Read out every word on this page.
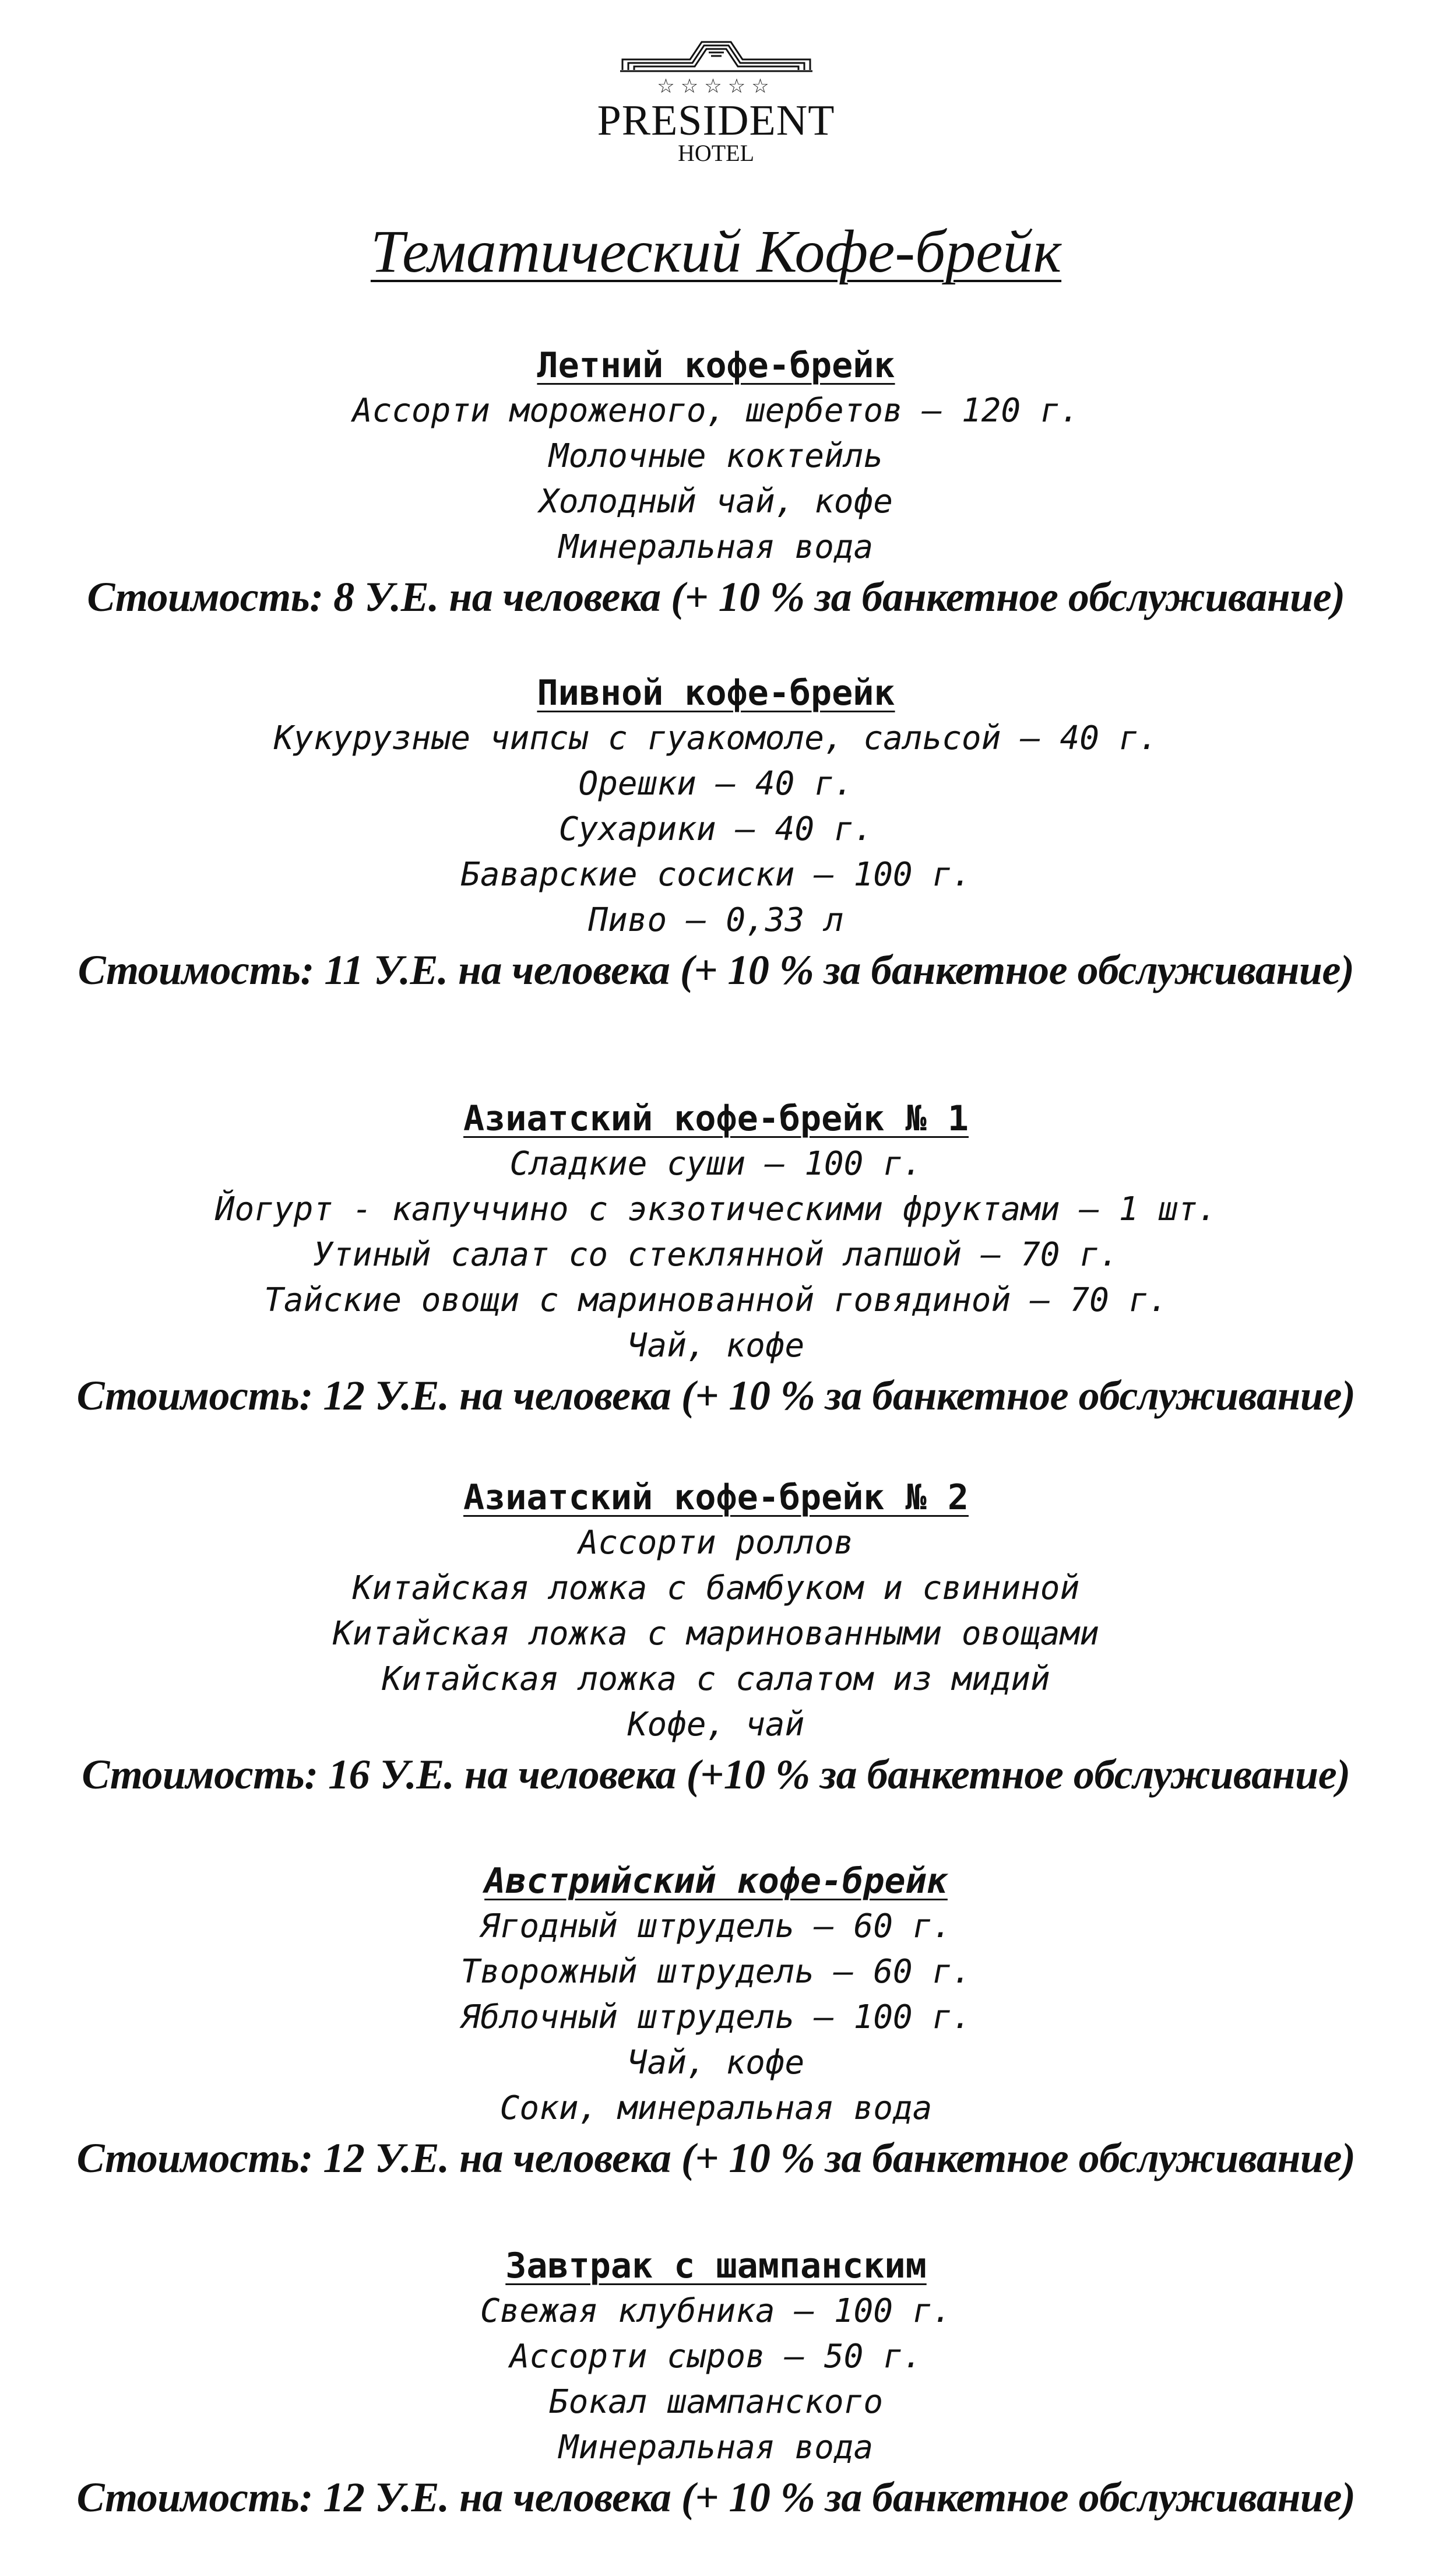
☆☆☆☆☆
PRESIDENT
HOTEL
Тематический Кофе-брейк
Летний кофе-брейк
Ассорти мороженого, шербетов – 120 г.
Молочные коктейль
Холодный чай, кофе
Минеральная вода
Стоимость: 8 У.Е. на человека (+ 10 % за банкетное обслуживание)
Пивной кофе-брейк
Кукурузные чипсы с гуакомоле, сальсой – 40 г.
Орешки – 40 г.
Сухарики – 40 г.
Баварские сосиски – 100 г.
Пиво – 0,33 л
Стоимость: 11 У.Е. на человека (+ 10 % за банкетное обслуживание)
Азиатский кофе-брейк № 1
Сладкие суши – 100 г.
Йогурт - капуччино с экзотическими фруктами – 1 шт.
Утиный салат со стеклянной лапшой – 70 г.
Тайские овощи с маринованной говядиной – 70 г.
Чай, кофе
Стоимость: 12 У.Е. на человека (+ 10 % за банкетное обслуживание)
Азиатский кофе-брейк № 2
Ассорти роллов
Китайская ложка с бамбуком и свининой
Китайская ложка с маринованными овощами
Китайская ложка с салатом из мидий
Кофе, чай
Стоимость: 16 У.Е. на человека (+10 % за банкетное обслуживание)
Австрийский кофе-брейк
Ягодный штрудель – 60 г.
Творожный штрудель – 60 г.
Яблочный штрудель – 100 г.
Чай, кофе
Соки, минеральная вода
Стоимость: 12 У.Е. на человека (+ 10 % за банкетное обслуживание)
Завтрак с шампанским
Свежая клубника – 100 г.
Ассорти сыров – 50 г.
Бокал шампанского
Минеральная вода
Стоимость: 12 У.Е. на человека (+ 10 % за банкетное обслуживание)
